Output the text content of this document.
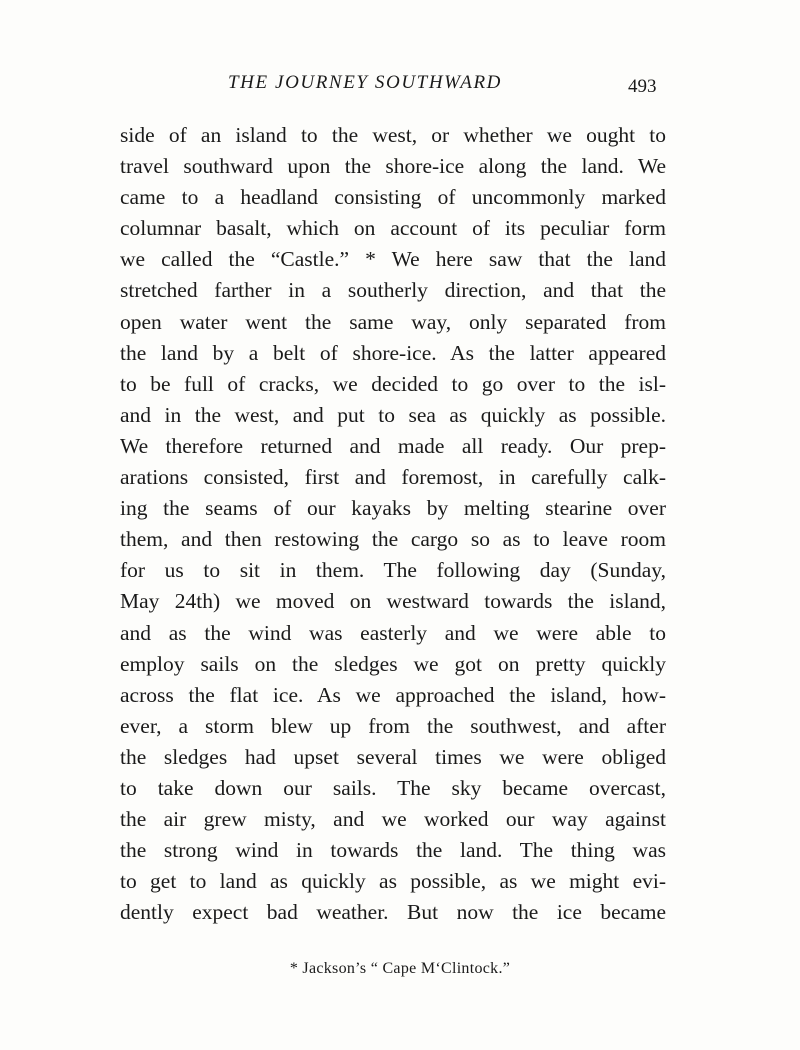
THE JOURNEY SOUTHWARD	493
side of an island to the west, or whether we ought to
travel southward upon the shore-ice along the land. We
came to a headland consisting of uncommonly marked
columnar basalt, which on account of its peculiar form
we called the “Castle.” * We here saw that the land
stretched farther in a southerly direction, and that the
open water went the same way, only separated from
the land by a belt of shore-ice. As the latter appeared
to be full of cracks, we decided to go over to the isl-
and in the west, and put to sea as quickly as possible.
We therefore returned and made all ready. Our prep-
arations consisted, first and foremost, in carefully calk-
ing the seams of our kayaks by melting stearine over
them, and then restowing the cargo so as to leave room
for us to sit in them. The following day (Sunday,
May 24th) we moved on westward towards the island,
and as the wind was easterly and we were able to
employ sails on the sledges we got on pretty quickly
across the flat ice. As we approached the island, how-
ever, a storm blew up from the southwest, and after
the sledges had upset several times we were obliged
to take down our sails. The sky became overcast,
the air grew misty, and we worked our way against
the strong wind in towards the land. The thing was
to get to land as quickly as possible, as we might evi-
dently expect bad weather. But now the ice became
* Jackson’s “ Cape M‘Clintock.”
